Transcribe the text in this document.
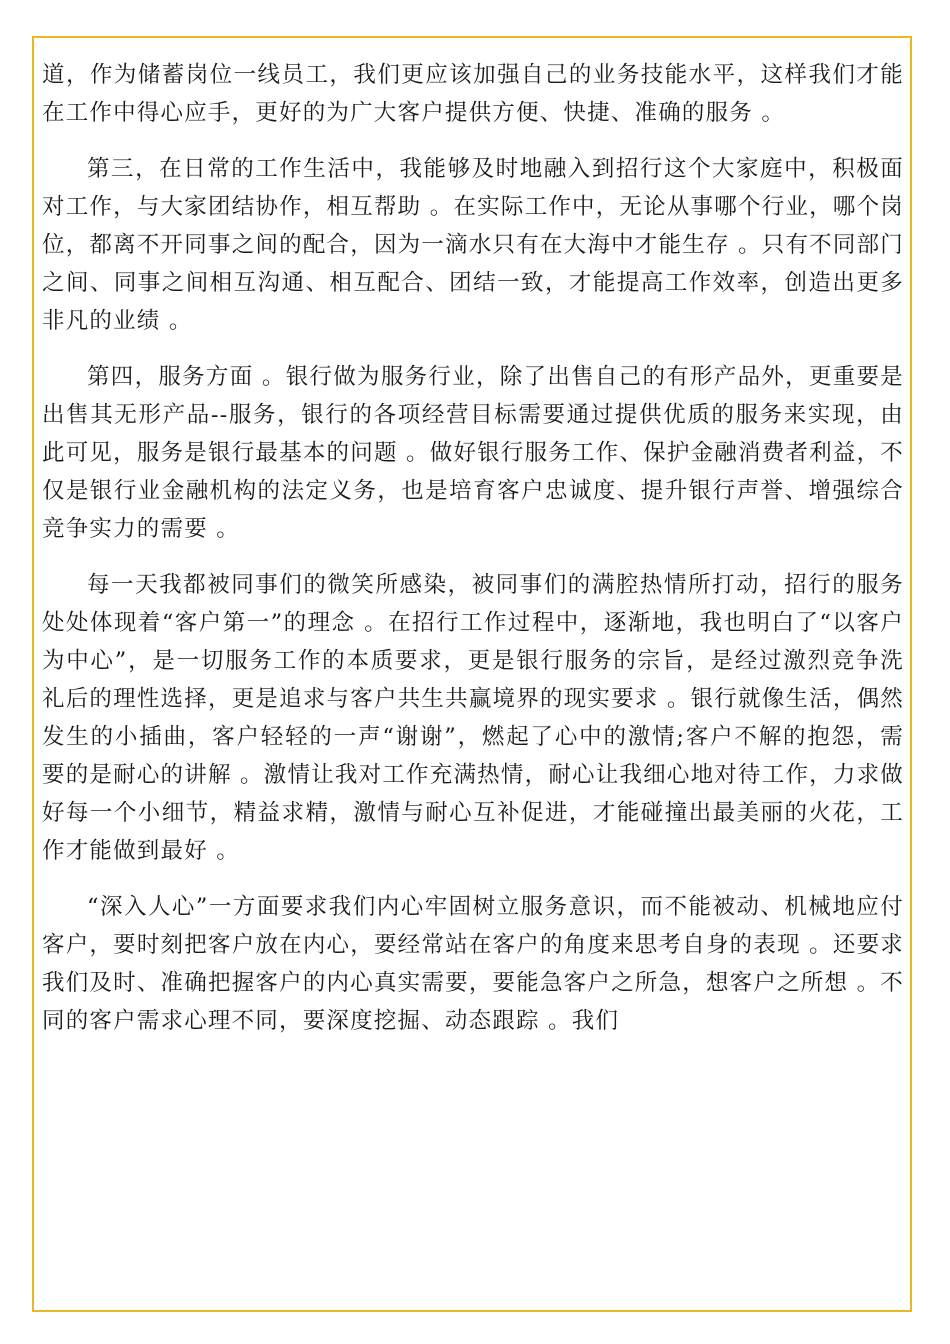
道，作为储蓄岗位一线员工，我们更应该加强自己的业务技能水平，这样我们才能在工作中得心应手，更好的为广大客户提供方便、快捷、准确的服务 。

第三，在日常的工作生活中，我能够及时地融入到招行这个大家庭中，积极面对工作，与大家团结协作，相互帮助 。在实际工作中，无论从事哪个行业，哪个岗位，都离不开同事之间的配合，因为一滴水只有在大海中才能生存 。只有不同部门之间、同事之间相互沟通、相互配合、团结一致，才能提高工作效率，创造出更多非凡的业绩 。

第四，服务方面 。银行做为服务行业，除了出售自己的有形产品外，更重要是出售其无形产品--服务，银行的各项经营目标需要通过提供优质的服务来实现，由此可见，服务是银行最基本的问题 。做好银行服务工作、保护金融消费者利益，不仅是银行业金融机构的法定义务，也是培育客户忠诚度、提升银行声誉、增强综合竞争实力的需要 。

每一天我都被同事们的微笑所感染，被同事们的满腔热情所打动，招行的服务处处体现着“客户第一”的理念 。在招行工作过程中，逐渐地，我也明白了“以客户为中心”，是一切服务工作的本质要求，更是银行服务的宗旨，是经过激烈竞争洗礼后的理性选择，更是追求与客户共生共赢境界的现实要求 。银行就像生活，偶然发生的小插曲，客户轻轻的一声“谢谢”，燃起了心中的激情;客户不解的抱怨，需要的是耐心的讲解 。激情让我对工作充满热情，耐心让我细心地对待工作，力求做好每一个小细节，精益求精，激情与耐心互补促进，才能碰撞出最美丽的火花，工作才能做到最好 。

“深入人心”一方面要求我们内心牢固树立服务意识，而不能被动、机械地应付客户，要时刻把客户放在内心，要经常站在客户的角度来思考自身的表现 。还要求我们及时、准确把握客户的内心真实需要，要能急客户之所急，想客户之所想 。不同的客户需求心理不同，要深度挖掘、动态跟踪 。我们
